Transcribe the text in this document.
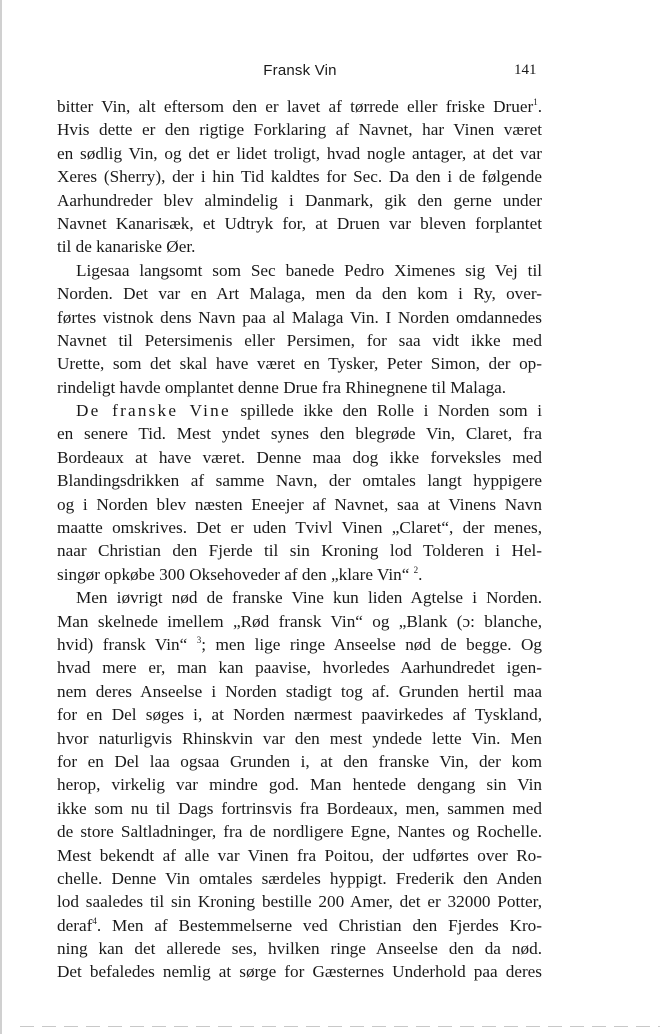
Fransk Vin	141
bitter Vin, alt eftersom den er lavet af tørrede eller friske Druer$^1$.
Hvis dette er den rigtige Forklaring af Navnet, har Vinen været
en sødlig Vin, og det er lidet troligt, hvad nogle antager, at det var
Xeres (Sherry), der i hin Tid kaldtes for Sec. Da den i de følgende
Aarhundreder blev almindelig i Danmark, gik den gerne under
Navnet Kanarisæk, et Udtryk for, at Druen var bleven forplantet
til de kanariske Øer.
Ligesaa langsomt som Sec banede Pedro Ximenes sig Vej til
Norden. Det var en Art Malaga, men da den kom i Ry, over-
førtes vistnok dens Navn paa al Malaga Vin. I Norden omdannedes
Navnet til Petersimenis eller Persimen, for saa vidt ikke med
Urette, som det skal have været en Tysker, Peter Simon, der op-
rindeligt havde omplantet denne Drue fra Rhinegnene til Malaga.
De franske Vine spillede ikke den Rolle i Norden som i
en senere Tid. Mest yndet synes den blegrøde Vin, Claret, fra
Bordeaux at have været. Denne maa dog ikke forveksles med
Blandingsdrikken af samme Navn, der omtales langt hyppigere
og i Norden blev næsten Eneejer af Navnet, saa at Vinens Navn
maatte omskrives. Det er uden Tvivl Vinen „Claret“, der menes,
naar Christian den Fjerde til sin Kroning lod Tolderen i Hel-
singør opkøbe 300 Oksehoveder af den „klare Vin“ $^2$.
Men iøvrigt nød de franske Vine kun liden Agtelse i Norden.
Man skelnede imellem „Rød fransk Vin“ og „Blank (ɔ: blanche,
hvid) fransk Vin“ $^3$; men lige ringe Anseelse nød de begge. Og
hvad mere er, man kan paavise, hvorledes Aarhundredet igen-
nem deres Anseelse i Norden stadigt tog af. Grunden hertil maa
for en Del søges i, at Norden nærmest paavirkedes af Tyskland,
hvor naturligvis Rhinskvin var den mest yndede lette Vin. Men
for en Del laa ogsaa Grunden i, at den franske Vin, der kom
herop, virkelig var mindre god. Man hentede dengang sin Vin
ikke som nu til Dags fortrinsvis fra Bordeaux, men, sammen med
de store Saltladninger, fra de nordligere Egne, Nantes og Rochelle.
Mest bekendt af alle var Vinen fra Poitou, der udførtes over Ro-
chelle. Denne Vin omtales særdeles hyppigt. Frederik den Anden
lod saaledes til sin Kroning bestille 200 Amer, det er 32000 Potter,
deraf$^4$. Men af Bestemmelserne ved Christian den Fjerdes Kro-
ning kan det allerede ses, hvilken ringe Anseelse den da nød.
Det befaledes nemlig at sørge for Gæsternes Underhold paa deres
